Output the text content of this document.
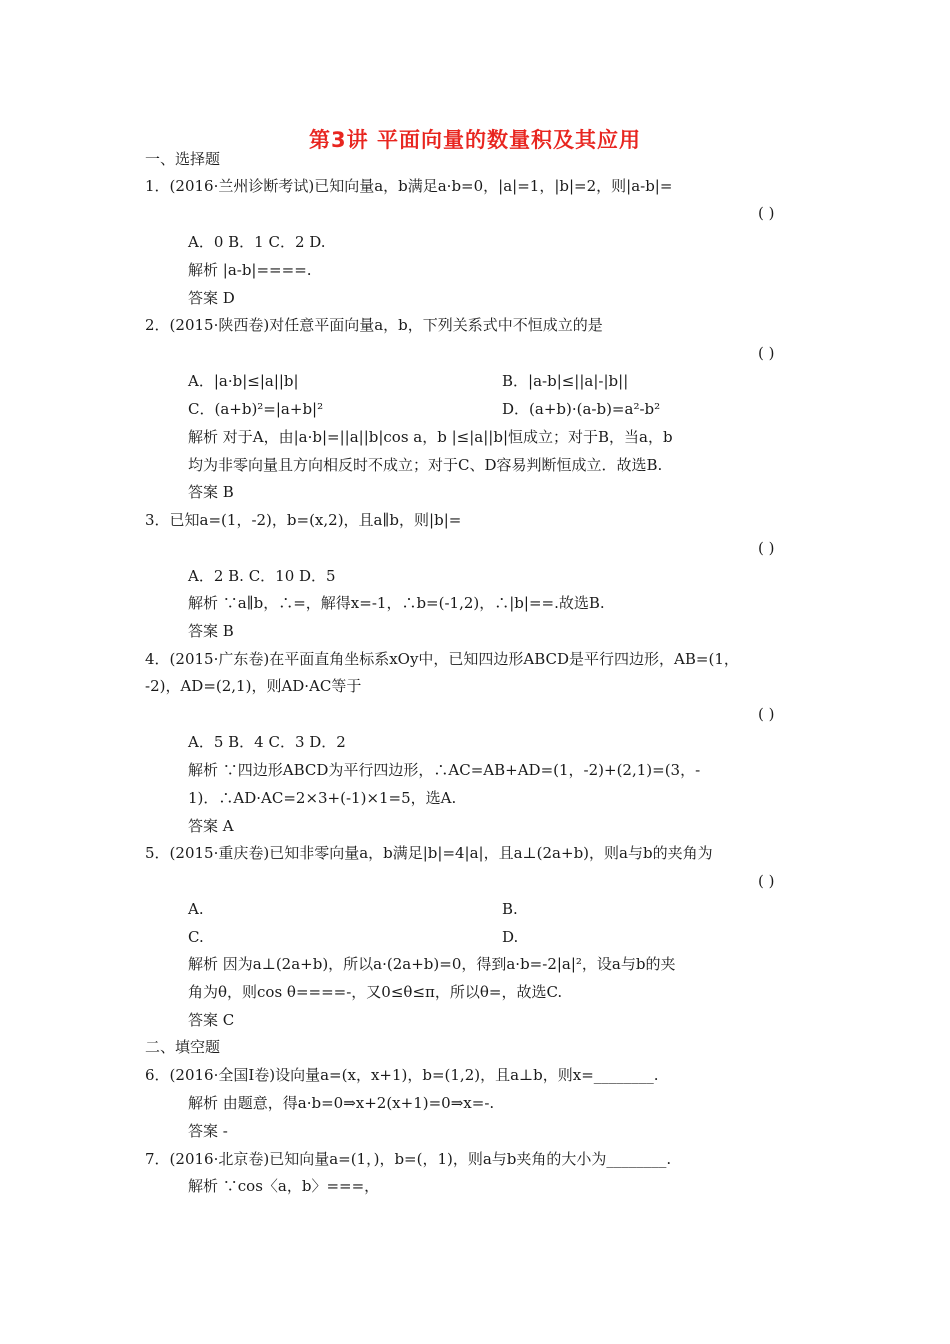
第3讲 平面向量的数量积及其应用
一、选择题
1．(2016·兰州诊断考试)已知向量a，b满足a·b=0，|a|=1，|b|=2，则|a-b|=
( )
A．0 B．1 C．2 D.
解析 |a-b|====.
答案 D
2．(2015·陕西卷)对任意平面向量a，b，下列关系式中不恒成立的是
( )
A．|a·b|≤|a||b|	B．|a-b|≤||a|-|b||
C．(a+b)²=|a+b|²	D．(a+b)·(a-b)=a²-b²
解析 对于A，由|a·b|=||a||b|cos a，b |≤|a||b|恒成立；对于B，当a，b
均为非零向量且方向相反时不成立；对于C、D容易判断恒成立．故选B.
答案 B
3．已知a=(1，-2)，b=(x,2)，且a∥b，则|b|=
( )
A．2 B. C．10 D．5
解析 ∵a∥b，∴=，解得x=-1，∴b=(-1,2)，∴|b|==.故选B.
答案 B
4．(2015·广东卷)在平面直角坐标系xOy中，已知四边形ABCD是平行四边形，AB=(1，
-2)，AD=(2,1)，则AD·AC等于
( )
A．5 B．4 C．3 D．2
解析 ∵四边形ABCD为平行四边形，∴AC=AB+AD=(1，-2)+(2,1)=(3，-
1)．∴AD·AC=2×3+(-1)×1=5，选A.
答案 A
5．(2015·重庆卷)已知非零向量a，b满足|b|=4|a|，且a⊥(2a+b)，则a与b的夹角为
( )
A.	B.
C.	D.
解析 因为a⊥(2a+b)，所以a·(2a+b)=0，得到a·b=-2|a|²，设a与b的夹
角为θ，则cos θ====-，又0≤θ≤π，所以θ=，故选C.
答案 C
二、填空题
6．(2016·全国Ⅰ卷)设向量a=(x，x+1)，b=(1,2)，且a⊥b，则x=________.
解析 由题意，得a·b=0⇒x+2(x+1)=0⇒x=-.
答案 -
7．(2016·北京卷)已知向量a=(1，)，b=(，1)，则a与b夹角的大小为________.
解析 ∵cos〈a，b〉===，
